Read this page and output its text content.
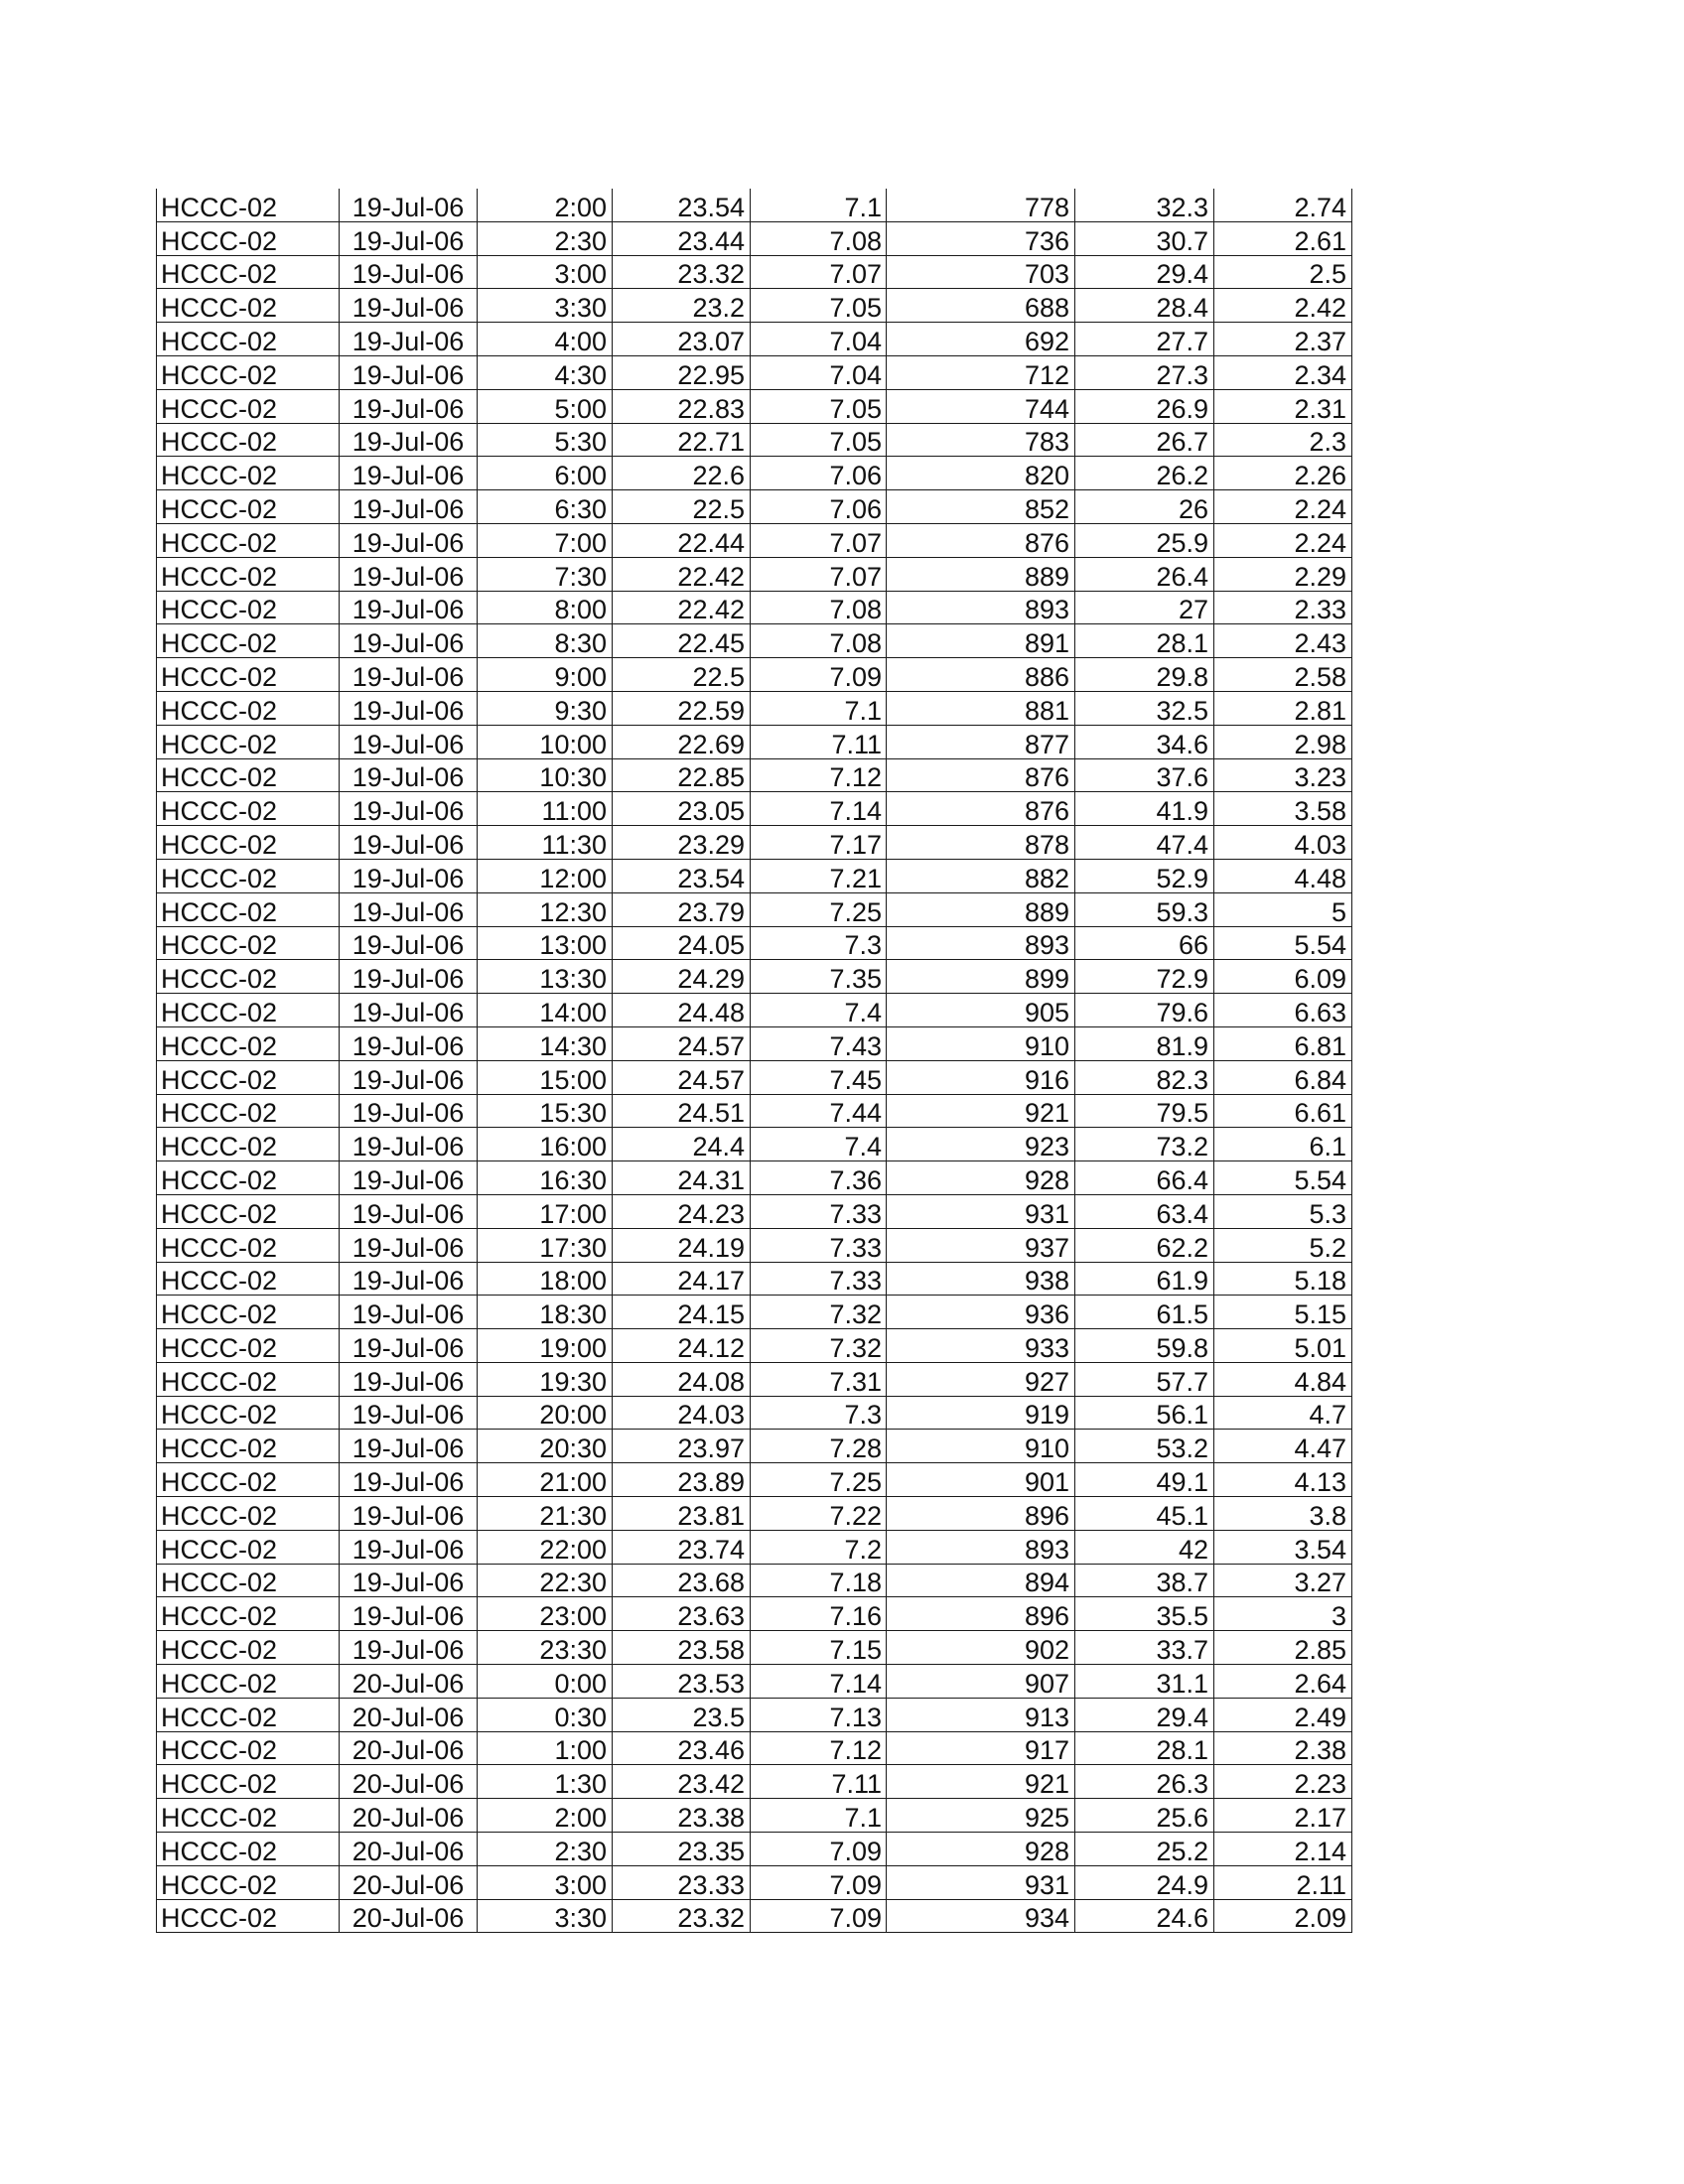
HCCC-02	19-Jul-06	2:00	23.54	7.1	778	32.3	2.74
HCCC-02	19-Jul-06	2:30	23.44	7.08	736	30.7	2.61
HCCC-02	19-Jul-06	3:00	23.32	7.07	703	29.4	2.5
HCCC-02	19-Jul-06	3:30	23.2	7.05	688	28.4	2.42
HCCC-02	19-Jul-06	4:00	23.07	7.04	692	27.7	2.37
HCCC-02	19-Jul-06	4:30	22.95	7.04	712	27.3	2.34
HCCC-02	19-Jul-06	5:00	22.83	7.05	744	26.9	2.31
HCCC-02	19-Jul-06	5:30	22.71	7.05	783	26.7	2.3
HCCC-02	19-Jul-06	6:00	22.6	7.06	820	26.2	2.26
HCCC-02	19-Jul-06	6:30	22.5	7.06	852	26	2.24
HCCC-02	19-Jul-06	7:00	22.44	7.07	876	25.9	2.24
HCCC-02	19-Jul-06	7:30	22.42	7.07	889	26.4	2.29
HCCC-02	19-Jul-06	8:00	22.42	7.08	893	27	2.33
HCCC-02	19-Jul-06	8:30	22.45	7.08	891	28.1	2.43
HCCC-02	19-Jul-06	9:00	22.5	7.09	886	29.8	2.58
HCCC-02	19-Jul-06	9:30	22.59	7.1	881	32.5	2.81
HCCC-02	19-Jul-06	10:00	22.69	7.11	877	34.6	2.98
HCCC-02	19-Jul-06	10:30	22.85	7.12	876	37.6	3.23
HCCC-02	19-Jul-06	11:00	23.05	7.14	876	41.9	3.58
HCCC-02	19-Jul-06	11:30	23.29	7.17	878	47.4	4.03
HCCC-02	19-Jul-06	12:00	23.54	7.21	882	52.9	4.48
HCCC-02	19-Jul-06	12:30	23.79	7.25	889	59.3	5
HCCC-02	19-Jul-06	13:00	24.05	7.3	893	66	5.54
HCCC-02	19-Jul-06	13:30	24.29	7.35	899	72.9	6.09
HCCC-02	19-Jul-06	14:00	24.48	7.4	905	79.6	6.63
HCCC-02	19-Jul-06	14:30	24.57	7.43	910	81.9	6.81
HCCC-02	19-Jul-06	15:00	24.57	7.45	916	82.3	6.84
HCCC-02	19-Jul-06	15:30	24.51	7.44	921	79.5	6.61
HCCC-02	19-Jul-06	16:00	24.4	7.4	923	73.2	6.1
HCCC-02	19-Jul-06	16:30	24.31	7.36	928	66.4	5.54
HCCC-02	19-Jul-06	17:00	24.23	7.33	931	63.4	5.3
HCCC-02	19-Jul-06	17:30	24.19	7.33	937	62.2	5.2
HCCC-02	19-Jul-06	18:00	24.17	7.33	938	61.9	5.18
HCCC-02	19-Jul-06	18:30	24.15	7.32	936	61.5	5.15
HCCC-02	19-Jul-06	19:00	24.12	7.32	933	59.8	5.01
HCCC-02	19-Jul-06	19:30	24.08	7.31	927	57.7	4.84
HCCC-02	19-Jul-06	20:00	24.03	7.3	919	56.1	4.7
HCCC-02	19-Jul-06	20:30	23.97	7.28	910	53.2	4.47
HCCC-02	19-Jul-06	21:00	23.89	7.25	901	49.1	4.13
HCCC-02	19-Jul-06	21:30	23.81	7.22	896	45.1	3.8
HCCC-02	19-Jul-06	22:00	23.74	7.2	893	42	3.54
HCCC-02	19-Jul-06	22:30	23.68	7.18	894	38.7	3.27
HCCC-02	19-Jul-06	23:00	23.63	7.16	896	35.5	3
HCCC-02	19-Jul-06	23:30	23.58	7.15	902	33.7	2.85
HCCC-02	20-Jul-06	0:00	23.53	7.14	907	31.1	2.64
HCCC-02	20-Jul-06	0:30	23.5	7.13	913	29.4	2.49
HCCC-02	20-Jul-06	1:00	23.46	7.12	917	28.1	2.38
HCCC-02	20-Jul-06	1:30	23.42	7.11	921	26.3	2.23
HCCC-02	20-Jul-06	2:00	23.38	7.1	925	25.6	2.17
HCCC-02	20-Jul-06	2:30	23.35	7.09	928	25.2	2.14
HCCC-02	20-Jul-06	3:00	23.33	7.09	931	24.9	2.11
HCCC-02	20-Jul-06	3:30	23.32	7.09	934	24.6	2.09
